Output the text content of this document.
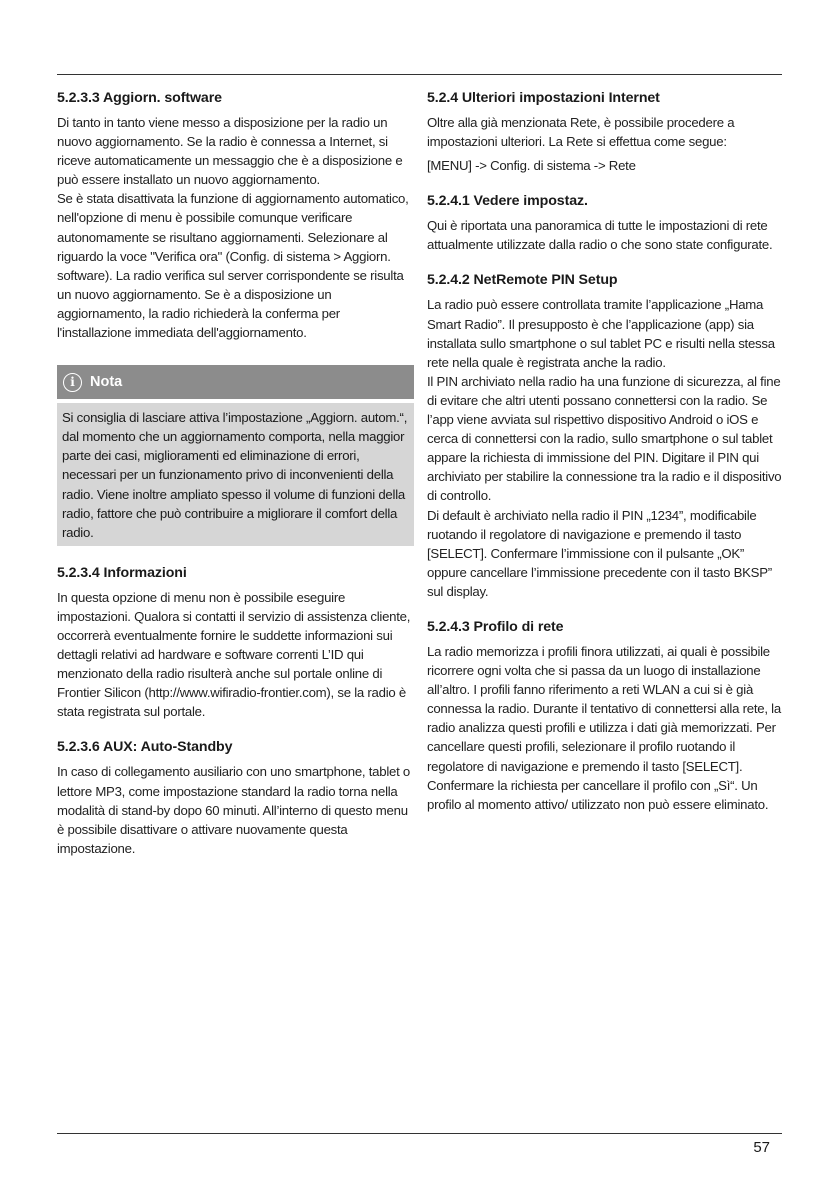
5.2.3.3 Aggiorn. software

Di tanto in tanto viene messo a disposizione per la radio un nuovo aggiornamento. Se la radio è connessa a Internet, si riceve automaticamente un messaggio che è a disposizione e può essere installato un nuovo aggiornamento.

Se è stata disattivata la funzione di aggiornamento automatico, nell'opzione di menu è possibile comunque verificare autonomamente se risultano aggiornamenti. Selezionare al riguardo la voce "Verifica ora" (Config. di sistema > Aggiorn. software). La radio verifica sul server corrispondente se risulta un nuovo aggiornamento. Se è a disposizione un aggiornamento, la radio richiederà la conferma per l'installazione immediata dell'aggiornamento.

i	Nota

Si consiglia di lasciare attiva l’impostazione „Aggiorn. autom.“, dal momento che un aggiornamento comporta, nella maggior parte dei casi, miglioramenti ed eliminazione di errori, necessari per un funzionamento privo di inconvenienti della radio. Viene inoltre ampliato spesso il volume di funzioni della radio, fattore che può contribuire a migliorare il comfort della radio.

5.2.3.4 Informazioni

In questa opzione di menu non è possibile eseguire impostazioni. Qualora si contatti il servizio di assistenza cliente, occorrerà eventualmente fornire le suddette informazioni sui dettagli relativi ad hardware e software correnti L’ID qui menzionato della radio risulterà anche sul portale online di Frontier Silicon (http://www.wifiradio-frontier.com), se la radio è stata registrata sul portale.

5.2.3.6 AUX: Auto-Standby

In caso di collegamento ausiliario con uno smartphone, tablet o lettore MP3, come impostazione standard la radio torna nella modalità di stand-by dopo 60 minuti. All’interno di questo menu è possibile disattivare o attivare nuovamente questa impostazione.

5.2.4 Ulteriori impostazioni Internet

Oltre alla già menzionata Rete, è possibile procedere a impostazioni ulteriori. La Rete si effettua come segue:

[MENU] -> Config. di sistema -> Rete

5.2.4.1 Vedere impostaz.

Qui è riportata una panoramica di tutte le impostazioni di rete attualmente utilizzate dalla radio o che sono state configurate.

5.2.4.2 NetRemote PIN Setup

La radio può essere controllata tramite l’applicazione „Hama Smart Radio”. Il presupposto è che l’applicazione (app) sia installata sullo smartphone o sul tablet PC e risulti nella stessa rete nella quale è registrata anche la radio.

Il PIN archiviato nella radio ha una funzione di sicurezza, al fine di evitare che altri utenti possano connettersi con la radio. Se l’app viene avviata sul rispettivo dispositivo Android o iOS e cerca di connettersi con la radio, sullo smartphone o sul tablet appare la richiesta di immissione del PIN. Digitare il PIN qui archiviato per stabilire la connessione tra la radio e il dispositivo di controllo.

Di default è archiviato nella radio il PIN „1234”, modificabile ruotando il regolatore di navigazione e premendo il tasto [SELECT]. Confermare l’immissione con il pulsante „OK” oppure cancellare l’immissione precedente con il tasto BKSP” sul display.

5.2.4.3 Profilo di rete

La radio memorizza i profili finora utilizzati, ai quali è possibile ricorrere ogni volta che si passa da un luogo di installazione all’altro. I profili fanno riferimento a reti WLAN a cui si è già connessa la radio. Durante il tentativo di connettersi alla rete, la radio analizza questi profili e utilizza i dati già memorizzati. Per cancellare questi profili, selezionare il profilo ruotando il regolatore di navigazione e premendo il tasto [SELECT]. Confermare la richiesta per cancellare il profilo con „Sì“. Un profilo al momento attivo/ utilizzato non può essere eliminato.

57
